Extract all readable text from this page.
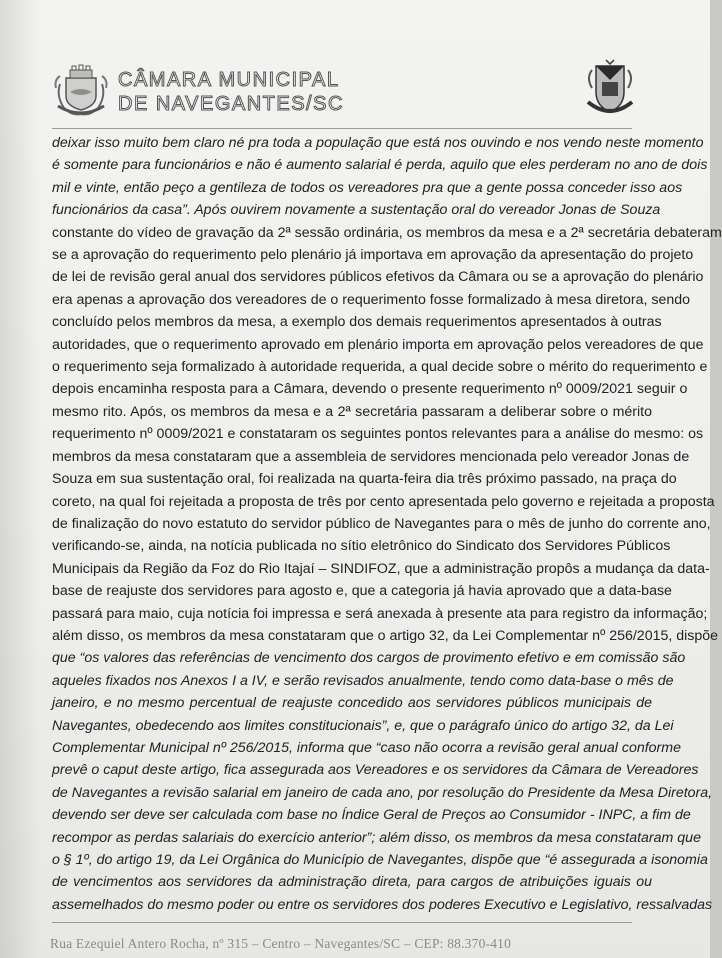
CÂMARA MUNICIPAL
DE NAVEGANTES/SC
deixar isso muito bem claro né pra toda a população que está nos ouvindo e nos vendo neste momento
é somente para funcionários e não é aumento salarial é perda, aquilo que eles perderam no ano de dois
mil e vinte, então peço a gentileza de todos os vereadores pra que a gente possa conceder isso aos
funcionários da casa”. Após ouvirem novamente a sustentação oral do vereador Jonas de Souza
constante do vídeo de gravação da 2ª sessão ordinária, os membros da mesa e a 2ª secretária debateram
se a aprovação do requerimento pelo plenário já importava em aprovação da apresentação do projeto
de lei de revisão geral anual dos servidores públicos efetivos da Câmara ou se a aprovação do plenário
era apenas a aprovação dos vereadores de o requerimento fosse formalizado à mesa diretora, sendo
concluído pelos membros da mesa, a exemplo dos demais requerimentos apresentados à outras
autoridades, que o requerimento aprovado em plenário importa em aprovação pelos vereadores de que
o requerimento seja formalizado à autoridade requerida, a qual decide sobre o mérito do requerimento e
depois encaminha resposta para a Câmara, devendo o presente requerimento nº 0009/2021 seguir o
mesmo rito. Após, os membros da mesa e a 2ª secretária passaram a deliberar sobre o mérito
requerimento nº 0009/2021 e constataram os seguintes pontos relevantes para a análise do mesmo: os
membros da mesa constataram que a assembleia de servidores mencionada pelo vereador Jonas de
Souza em sua sustentação oral, foi realizada na quarta-feira dia três próximo passado, na praça do
coreto, na qual foi rejeitada a proposta de três por cento apresentada pelo governo e rejeitada a proposta
de finalização do novo estatuto do servidor público de Navegantes para o mês de junho do corrente ano,
verificando-se, ainda, na notícia publicada no sítio eletrônico do Sindicato dos Servidores Públicos
Municipais da Região da Foz do Rio Itajaí – SINDIFOZ, que a administração propôs a mudança da data-
base de reajuste dos servidores para agosto e, que a categoria já havia aprovado que a data-base
passará para maio, cuja notícia foi impressa e será anexada à presente ata para registro da informação;
além disso, os membros da mesa constataram que o artigo 32, da Lei Complementar nº 256/2015, dispõe
que “os valores das referências de vencimento dos cargos de provimento efetivo e em comissão são
aqueles fixados nos Anexos I a IV, e serão revisados anualmente, tendo como data-base o mês de
janeiro, e no mesmo percentual de reajuste concedido aos servidores públicos municipais de
Navegantes, obedecendo aos limites constitucionais”, e, que o parágrafo único do artigo 32, da Lei
Complementar Municipal nº 256/2015, informa que “caso não ocorra a revisão geral anual conforme
prevê o caput deste artigo, fica assegurada aos Vereadores e os servidores da Câmara de Vereadores
de Navegantes a revisão salarial em janeiro de cada ano, por resolução do Presidente da Mesa Diretora,
devendo ser deve ser calculada com base no Índice Geral de Preços ao Consumidor - INPC, a fim de
recompor as perdas salariais do exercício anterior”; além disso, os membros da mesa constataram que
o § 1º, do artigo 19, da Lei Orgânica do Município de Navegantes, dispõe que “é assegurada a isonomia
de vencimentos aos servidores da administração direta, para cargos de atribuições iguais ou
assemelhados do mesmo poder ou entre os servidores dos poderes Executivo e Legislativo, ressalvadas
Rua Ezequiel Antero Rocha, nº 315 – Centro – Navegantes/SC – CEP: 88.370-410
